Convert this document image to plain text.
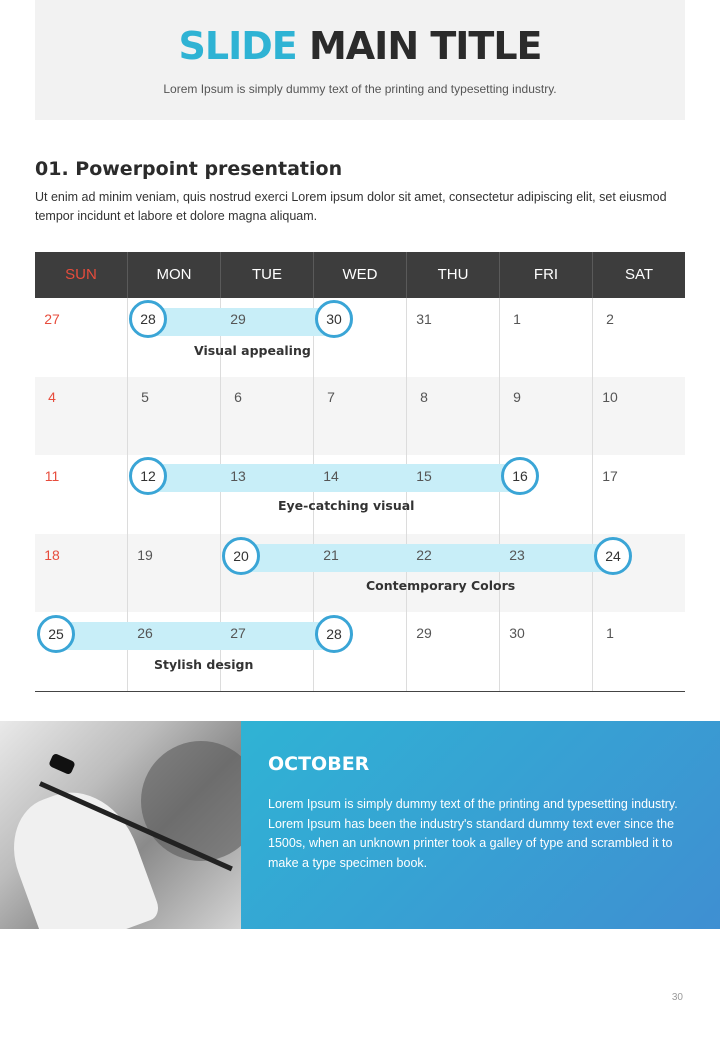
SLIDE MAIN TITLE
Lorem Ipsum is simply dummy text of the printing and typesetting industry.
01. Powerpoint presentation
Ut enim ad minim veniam, quis nostrud exerci Lorem ipsum dolor sit amet, consectetur adipiscing elit, set eiusmod tempor incidunt et labore et dolore magna aliquam.
SUN	MON	TUE	WED	THU	FRI	SAT
27	28	29	30	31	1	2
Visual appealing
4	5	6	7	8	9	10
11	12	13	14	15	16	17
Eye-catching visual
18	19	20	21	22	23	24
Contemporary Colors
25	26	27	28	29	30	1
Stylish design
OCTOBER
Lorem Ipsum is simply dummy text of the printing and typesetting industry. Lorem Ipsum has been the industry's standard dummy text ever since the 1500s, when an unknown printer took a galley of type and scrambled it to make a type specimen book.
30
